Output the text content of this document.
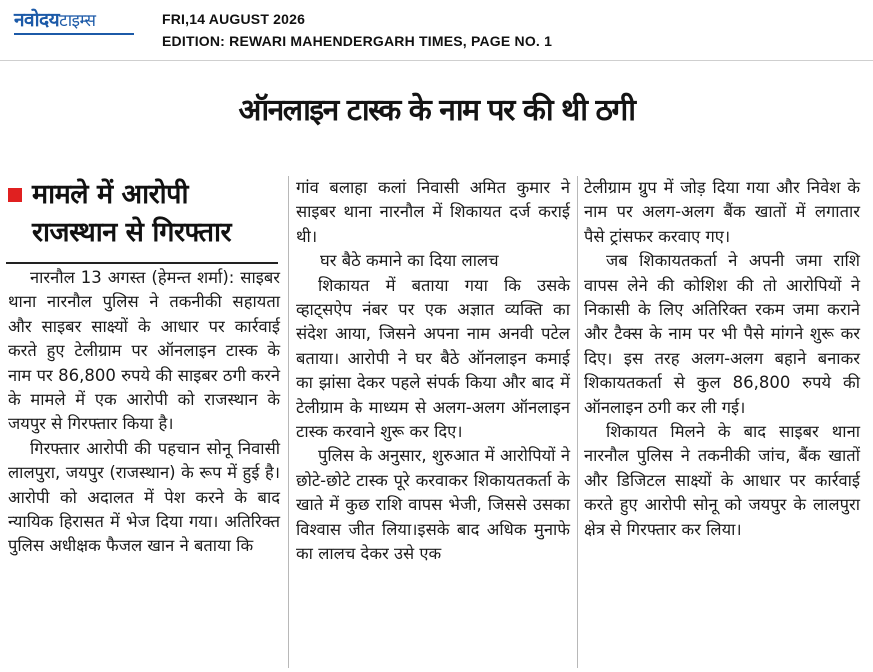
नवोदयटाइम्स	FRI,14 AUGUST 2026
EDITION: REWARI MAHENDERGARH TIMES, PAGE NO. 1
ऑनलाइन टास्क के नाम पर की थी ठगी
मामले में आरोपी
राजस्थान से गिरफ्तार

नारनौल 13 अगस्त (हेमन्त शर्मा): साइबर थाना नारनौल पुलिस ने तकनीकी सहायता और साइबर साक्ष्यों के आधार पर कार्रवाई करते हुए टेलीग्राम पर ऑनलाइन टास्क के नाम पर 86,800 रुपये की साइबर ठगी करने के मामले में एक आरोपी को राजस्थान के जयपुर से गिरफ्तार किया है।

गिरफ्तार आरोपी की पहचान सोनू निवासी लालपुरा, जयपुर (राजस्थान) के रूप में हुई है। आरोपी को अदालत में पेश करने के बाद न्यायिक हिरासत में भेज दिया गया। अतिरिक्त पुलिस अधीक्षक फैजल खान ने बताया कि

गांव बलाहा कलां निवासी अमित कुमार ने साइबर थाना नारनौल में शिकायत दर्ज कराई थी।

घर बैठे कमाने का दिया लालच

शिकायत में बताया गया कि उसके व्हाट्सऐप नंबर पर एक अज्ञात व्यक्ति का संदेश आया, जिसने अपना नाम अनवी पटेल बताया। आरोपी ने घर बैठे ऑनलाइन कमाई का झांसा देकर पहले संपर्क किया और बाद में टेलीग्राम के माध्यम से अलग-अलग ऑनलाइन टास्क करवाने शुरू कर दिए।

पुलिस के अनुसार, शुरुआत में आरोपियों ने छोटे-छोटे टास्क पूरे करवाकर शिकायतकर्ता के खाते में कुछ राशि वापस भेजी, जिससे उसका विश्वास जीत लिया।इसके बाद अधिक मुनाफे का लालच देकर उसे एक

टेलीग्राम ग्रुप में जोड़ दिया गया और निवेश के नाम पर अलग-अलग बैंक खातों में लगातार पैसे ट्रांसफर करवाए गए।

जब शिकायतकर्ता ने अपनी जमा राशि वापस लेने की कोशिश की तो आरोपियों ने निकासी के लिए अतिरिक्त रकम जमा कराने और टैक्स के नाम पर भी पैसे मांगने शुरू कर दिए। इस तरह अलग-अलग बहाने बनाकर शिकायतकर्ता से कुल 86,800 रुपये की ऑनलाइन ठगी कर ली गई।

शिकायत मिलने के बाद साइबर थाना नारनौल पुलिस ने तकनीकी जांच, बैंक खातों और डिजिटल साक्ष्यों के आधार पर कार्रवाई करते हुए आरोपी सोनू को जयपुर के लालपुरा क्षेत्र से गिरफ्तार कर लिया।
